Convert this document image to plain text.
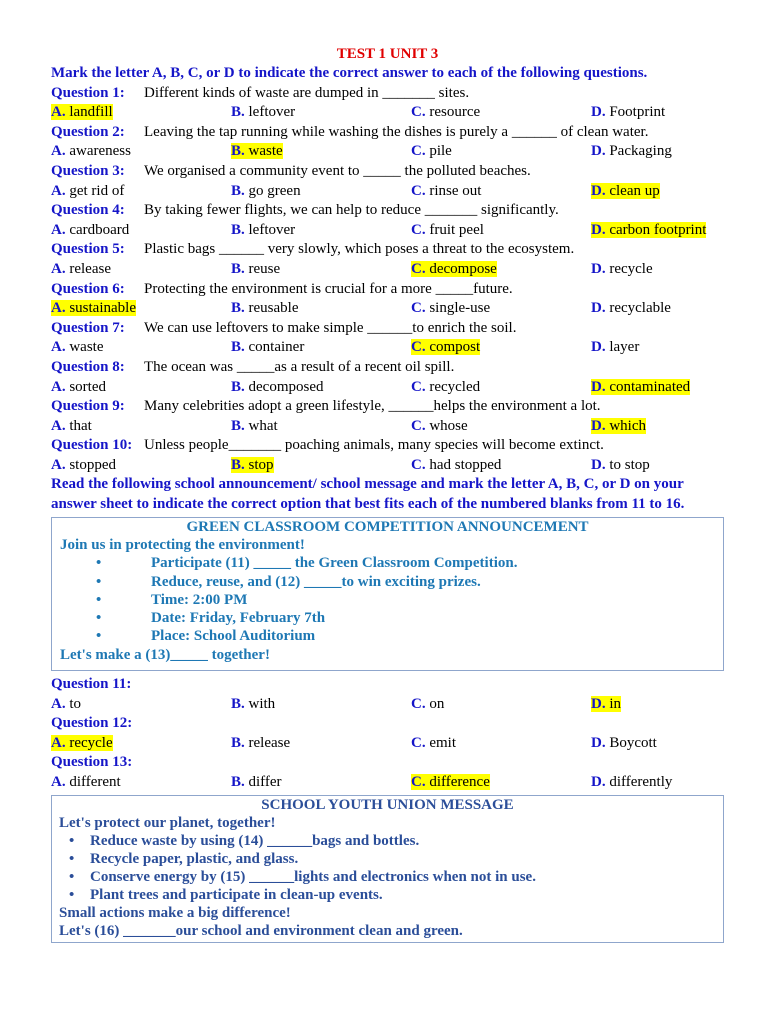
TEST 1 UNIT 3
Mark the letter A, B, C, or D to indicate the correct answer to each of the following questions.
Question 1: Different kinds of waste are dumped in _______ sites.
A. landfill	B. leftover	C. resource	D. Footprint
Question 2: Leaving the tap running while washing the dishes is purely a ______ of clean water.
A. awareness	B. waste	C. pile	D. Packaging
Question 3: We organised a community event to _____ the polluted beaches.
A. get rid of	B. go green	C. rinse out	D. clean up
Question 4: By taking fewer flights, we can help to reduce _______ significantly.
A. cardboard	B. leftover	C. fruit peel	D. carbon footprint
Question 5: Plastic bags ______ very slowly, which poses a threat to the ecosystem.
A. release	B. reuse	C. decompose	D. recycle
Question 6: Protecting the environment is crucial for a more _____future.
A. sustainable	B. reusable	C. single-use	D. recyclable
Question 7: We can use leftovers to make simple ______to enrich the soil.
A. waste	B. container	C. compost	D. layer
Question 8: The ocean was _____as a result of a recent oil spill.
A. sorted	B. decomposed	C. recycled	D. contaminated
Question 9: Many celebrities adopt a green lifestyle, ______helps the environment a lot.
A. that	B. what	C. whose	D. which
Question 10: Unless people_______ poaching animals, many species will become extinct.
A. stopped	B. stop	C. had stopped	D. to stop
Read the following school announcement/ school message and mark the letter A, B, C, or D on your answer sheet to indicate the correct option that best fits each of the numbered blanks from 11 to 16.
GREEN CLASSROOM COMPETITION ANNOUNCEMENT
Join us in protecting the environment!
• Participate (11) _____ the Green Classroom Competition.
• Reduce, reuse, and (12) _____to win exciting prizes.
• Time: 2:00 PM
• Date: Friday, February 7th
• Place: School Auditorium
Let's make a (13)_____ together!
Question 11:
A. to	B. with	C. on	D. in
Question 12:
A. recycle	B. release	C. emit	D. Boycott
Question 13:
A. different	B. differ	C. difference	D. differently
SCHOOL YOUTH UNION MESSAGE
Let's protect our planet, together!
• Reduce waste by using (14) ______bags and bottles.
• Recycle paper, plastic, and glass.
• Conserve energy by (15) ______lights and electronics when not in use.
• Plant trees and participate in clean-up events.
Small actions make a big difference!
Let's (16) _______our school and environment clean and green.
